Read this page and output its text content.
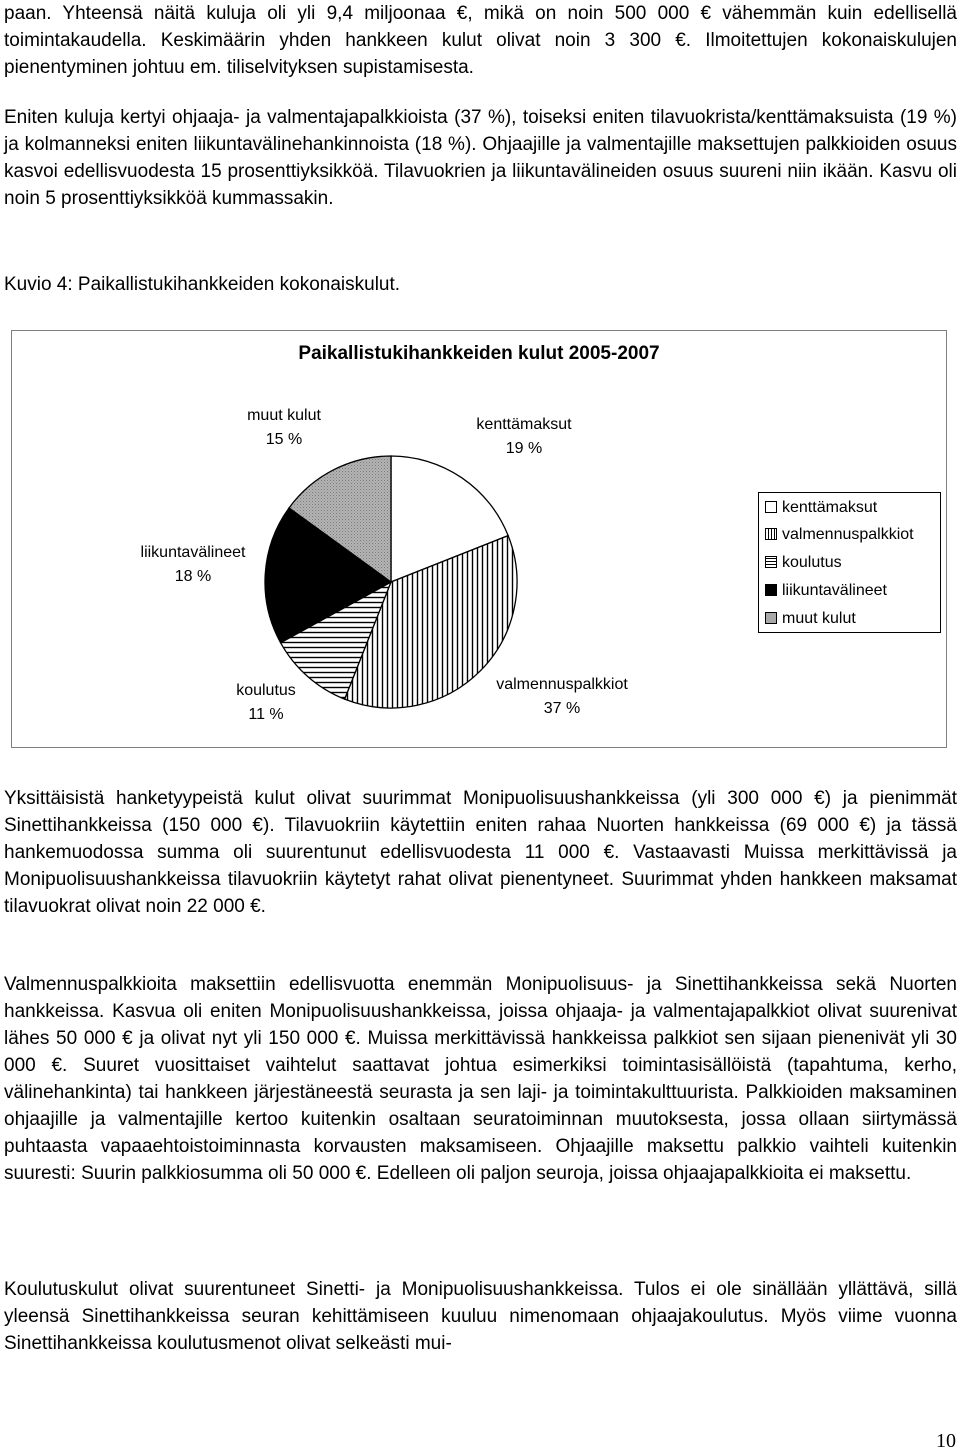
paan. Yhteensä näitä kuluja oli yli 9,4 miljoonaa €, mikä on noin 500 000 € vähemmän kuin edellisellä toimintakaudella. Keskimäärin yhden hankkeen kulut olivat noin 3 300 €. Ilmoitettujen kokonaiskulujen pienentyminen johtuu em. tiliselvityksen supistamisesta.

Eniten kuluja kertyi ohjaaja- ja valmentajapalkkioista (37 %), toiseksi eniten tilavuokrista/kenttämaksuista (19 %) ja kolmanneksi eniten liikuntavälinehankinnoista (18 %). Ohjaajille ja valmentajille maksettujen palkkioiden osuus kasvoi edellisvuodesta 15 prosenttiyksikköä. Tilavuokrien ja liikuntavälineiden osuus suureni niin ikään. Kasvu oli noin 5 prosenttiyksikköä kummassakin.

Kuvio 4: Paikallistukihankkeiden kokonaiskulut.

Paikallistukihankkeiden kulut 2005-2007
muut kulut
15 %
kenttämaksut
19 %
liikuntavälineet
18 %
koulutus
11 %
valmennuspalkkiot
37 %
kenttämaksut
valmennuspalkkiot
koulutus
liikuntavälineet
muut kulut

Yksittäisistä hanketyypeistä kulut olivat suurimmat Monipuolisuushankkeissa (yli 300 000 €) ja pienimmät Sinettihankkeissa (150 000 €). Tilavuokriin käytettiin eniten rahaa Nuorten hankkeissa (69 000 €) ja tässä hankemuodossa summa oli suurentunut edellisvuodesta 11 000 €. Vastaavasti Muissa merkittävissä ja Monipuolisuushankkeissa tilavuokriin käytetyt rahat olivat pienentyneet. Suurimmat yhden hankkeen maksamat tilavuokrat olivat noin 22 000 €.

Valmennuspalkkioita maksettiin edellisvuotta enemmän Monipuolisuus- ja Sinettihankkeissa sekä Nuorten hankkeissa. Kasvua oli eniten Monipuolisuushankkeissa, joissa ohjaaja- ja valmentajapalkkiot olivat suurenivat lähes 50 000 € ja olivat nyt yli 150 000 €. Muissa merkittävissä hankkeissa palkkiot sen sijaan pienenivät yli 30 000 €. Suuret vuosittaiset vaihtelut saattavat johtua esimerkiksi toimintasisällöistä (tapahtuma, kerho, välinehankinta) tai hankkeen järjestäneestä seurasta ja sen laji- ja toimintakulttuurista. Palkkioiden maksaminen ohjaajille ja valmentajille kertoo kuitenkin osaltaan seuratoiminnan muutoksesta, jossa ollaan siirtymässä puhtaasta vapaaehtoistoiminnasta korvausten maksamiseen. Ohjaajille maksettu palkkio vaihteli kuitenkin suuresti: Suurin palkkiosumma oli 50 000 €. Edelleen oli paljon seuroja, joissa ohjaajapalkkioita ei maksettu.

Koulutuskulut olivat suurentuneet Sinetti- ja Monipuolisuushankkeissa. Tulos ei ole sinällään yllättävä, sillä yleensä Sinettihankkeissa seuran kehittämiseen kuuluu nimenomaan ohjaajakoulutus. Myös viime vuonna Sinettihankkeissa koulutusmenot olivat selkeästi mui-

10
